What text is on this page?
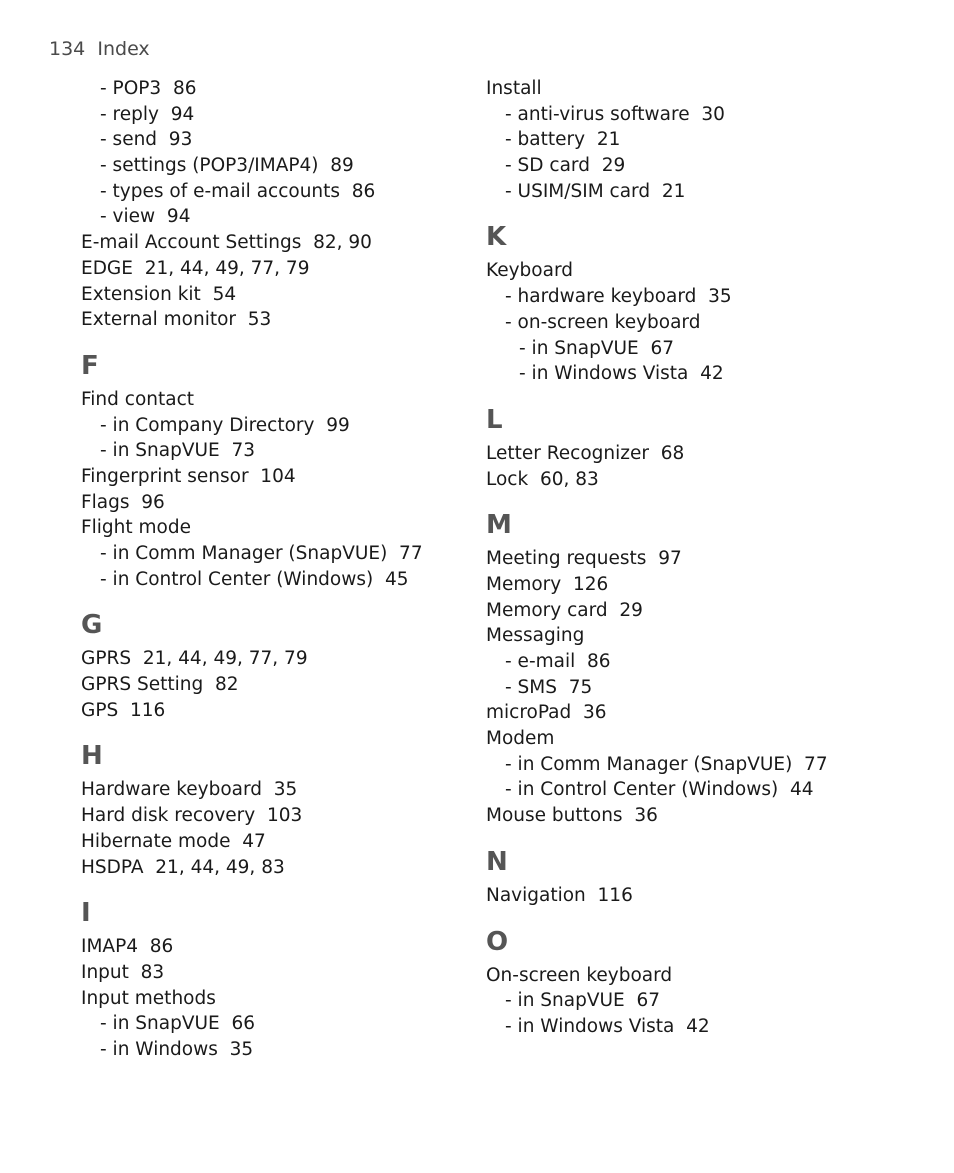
134 Index
- POP3  86
- reply  94
- send  93
- settings (POP3/IMAP4)  89
- types of e-mail accounts  86
- view  94
E-mail Account Settings  82, 90
EDGE  21, 44, 49, 77, 79
Extension kit  54
External monitor  53
F
Find contact
- in Company Directory  99
- in SnapVUE  73
Fingerprint sensor  104
Flags  96
Flight mode
- in Comm Manager (SnapVUE)  77
- in Control Center (Windows)  45
G
GPRS  21, 44, 49, 77, 79
GPRS Setting  82
GPS  116
H
Hardware keyboard  35
Hard disk recovery  103
Hibernate mode  47
HSDPA  21, 44, 49, 83
I
IMAP4  86
Input  83
Input methods
- in SnapVUE  66
- in Windows  35
Install
- anti-virus software  30
- battery  21
- SD card  29
- USIM/SIM card  21
K
Keyboard
- hardware keyboard  35
- on-screen keyboard
- in SnapVUE  67
- in Windows Vista  42
L
Letter Recognizer  68
Lock  60, 83
M
Meeting requests  97
Memory  126
Memory card  29
Messaging
- e-mail  86
- SMS  75
microPad  36
Modem
- in Comm Manager (SnapVUE)  77
- in Control Center (Windows)  44
Mouse buttons  36
N
Navigation  116
O
On-screen keyboard
- in SnapVUE  67
- in Windows Vista  42
